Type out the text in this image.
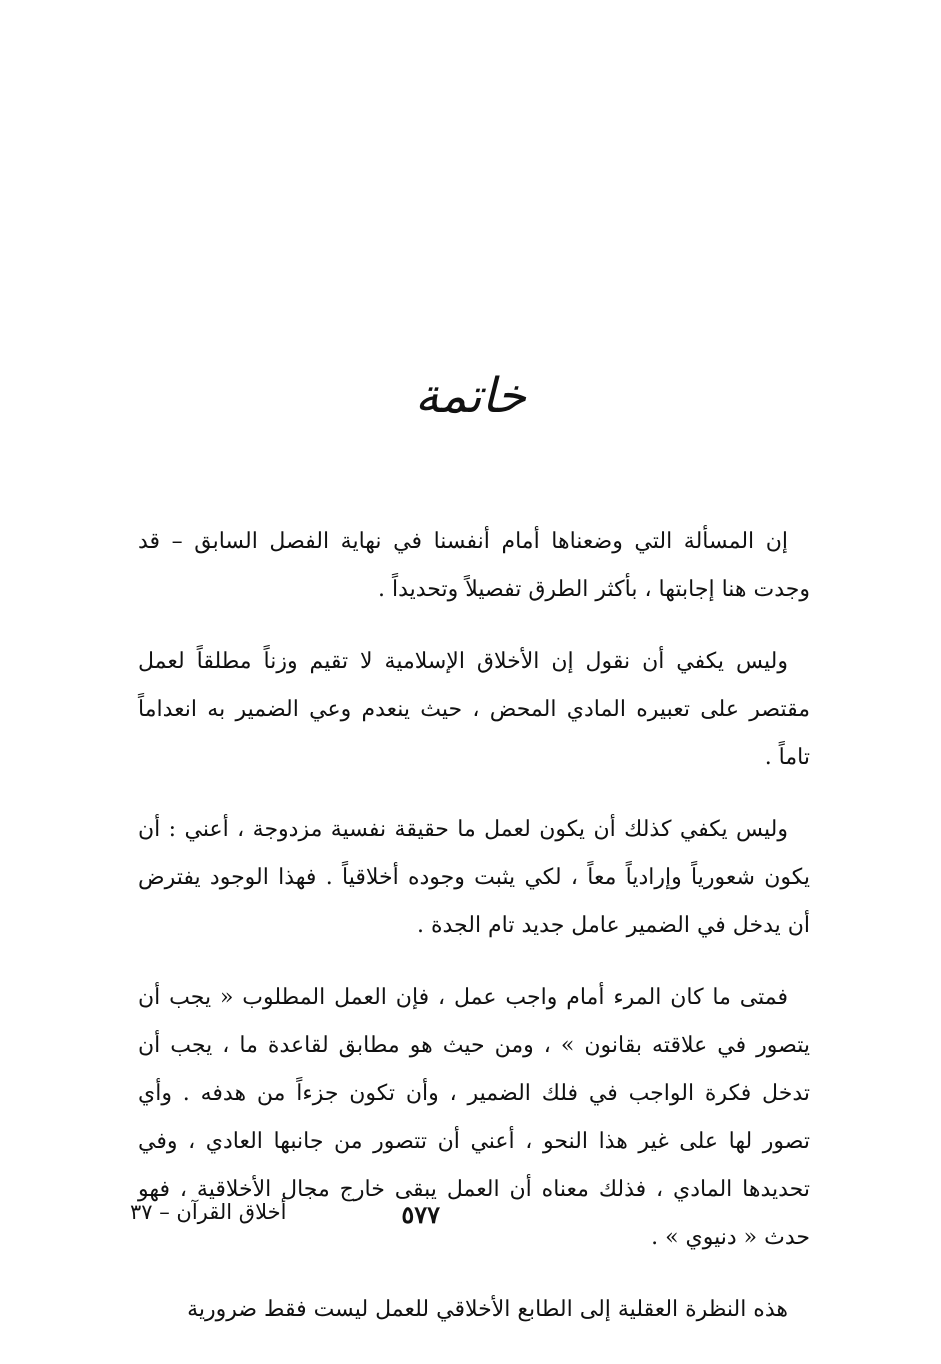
خاتمة

إن المسألة التي وضعناها أمام أنفسنا في نهاية الفصل السابق – قد وجدت هنا إجابتها ، بأكثر الطرق تفصيلاً وتحديداً .

وليس يكفي أن نقول إن الأخلاق الإسلامية لا تقيم وزناً مطلقاً لعمل مقتصر على تعبيره المادي المحض ، حيث ينعدم وعي الضمير به انعداماً تاماً .

وليس يكفي كذلك أن يكون لعمل ما حقيقة نفسية مزدوجة ، أعني : أن يكون شعورياً وإرادياً معاً ، لكي يثبت وجوده أخلاقياً . فهذا الوجود يفترض أن يدخل في الضمير عامل جديد تام الجدة .

فمتى ما كان المرء أمام واجب عمل ، فإن العمل المطلوب « يجب أن يتصور في علاقته بقانون » ، ومن حيث هو مطابق لقاعدة ما ، يجب أن تدخل فكرة الواجب في فلك الضمير ، وأن تكون جزءاً من هدفه . وأي تصور لها على غير هذا النحو ، أعني أن تتصور من جانبها العادي ، وفي تحديدها المادي ، فذلك معناه أن العمل يبقى خارج مجال الأخلاقية ، فهو حدث « دنيوي » .

هذه النظرة العقلية إلى الطابع الأخلاقي للعمل ليست فقط ضرورية

٥٧٧
أخلاق القرآن – ٣٧
